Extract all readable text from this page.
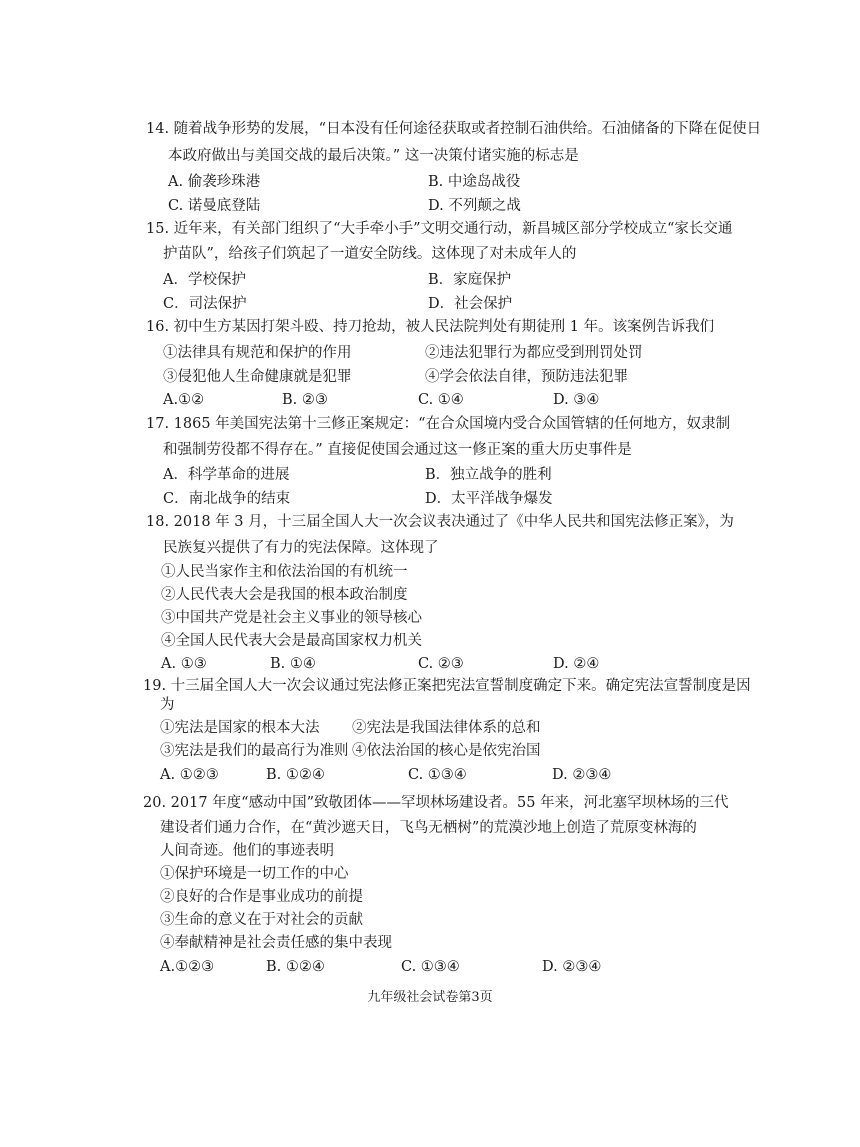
14. 随着战争形势的发展，“日本没有任何途径获取或者控制石油供给。石油储备的下降在促使日
本政府做出与美国交战的最后决策。” 这一决策付诸实施的标志是
A. 偷袭珍珠港	B. 中途岛战役
C. 诺曼底登陆	D. 不列颠之战
15. 近年来，有关部门组织了“大手牵小手”文明交通行动，新昌城区部分学校成立“家长交通
护苗队”，给孩子们筑起了一道安全防线。这体现了对未成年人的
A．学校保护	B．家庭保护
C．司法保护	D．社会保护
16. 初中生方某因打架斗殴、持刀抢劫，被人民法院判处有期徒刑 1 年。该案例告诉我们
①法律具有规范和保护的作用	②违法犯罪行为都应受到刑罚处罚
③侵犯他人生命健康就是犯罪	④学会依法自律，预防违法犯罪
A.①②	B. ②③	C. ①④	D. ③④
17. 1865 年美国宪法第十三修正案规定：“在合众国境内受合众国管辖的任何地方，奴隶制
和强制劳役都不得存在。” 直接促使国会通过这一修正案的重大历史事件是
A．科学革命的进展	B．独立战争的胜利
C．南北战争的结束	D．太平洋战争爆发
18. 2018 年 3 月，十三届全国人大一次会议表决通过了《中华人民共和国宪法修正案》，为
民族复兴提供了有力的宪法保障。这体现了
①人民当家作主和依法治国的有机统一
②人民代表大会是我国的根本政治制度
③中国共产党是社会主义事业的领导核心
④全国人民代表大会是最高国家权力机关
A. ①③	B. ①④	C. ②③	D. ②④
19. 十三届全国人大一次会议通过宪法修正案把宪法宣誓制度确定下来。确定宪法宣誓制度是因
为
①宪法是国家的根本大法 ②宪法是我国法律体系的总和
③宪法是我们的最高行为准则 ④依法治国的核心是依宪治国
A. ①②③	B. ①②④	C. ①③④	D. ②③④
20. 2017 年度“感动中国”致敬团体——罕坝林场建设者。55 年来，河北塞罕坝林场的三代
建设者们通力合作，在“黄沙遮天日，飞鸟无栖树”的荒漠沙地上创造了荒原变林海的
人间奇迹。他们的事迹表明
①保护环境是一切工作的中心
②良好的合作是事业成功的前提
③生命的意义在于对社会的贡献
④奉献精神是社会责任感的集中表现
A.①②③	B. ①②④	C. ①③④	D. ②③④
九年级社会试卷第3页
